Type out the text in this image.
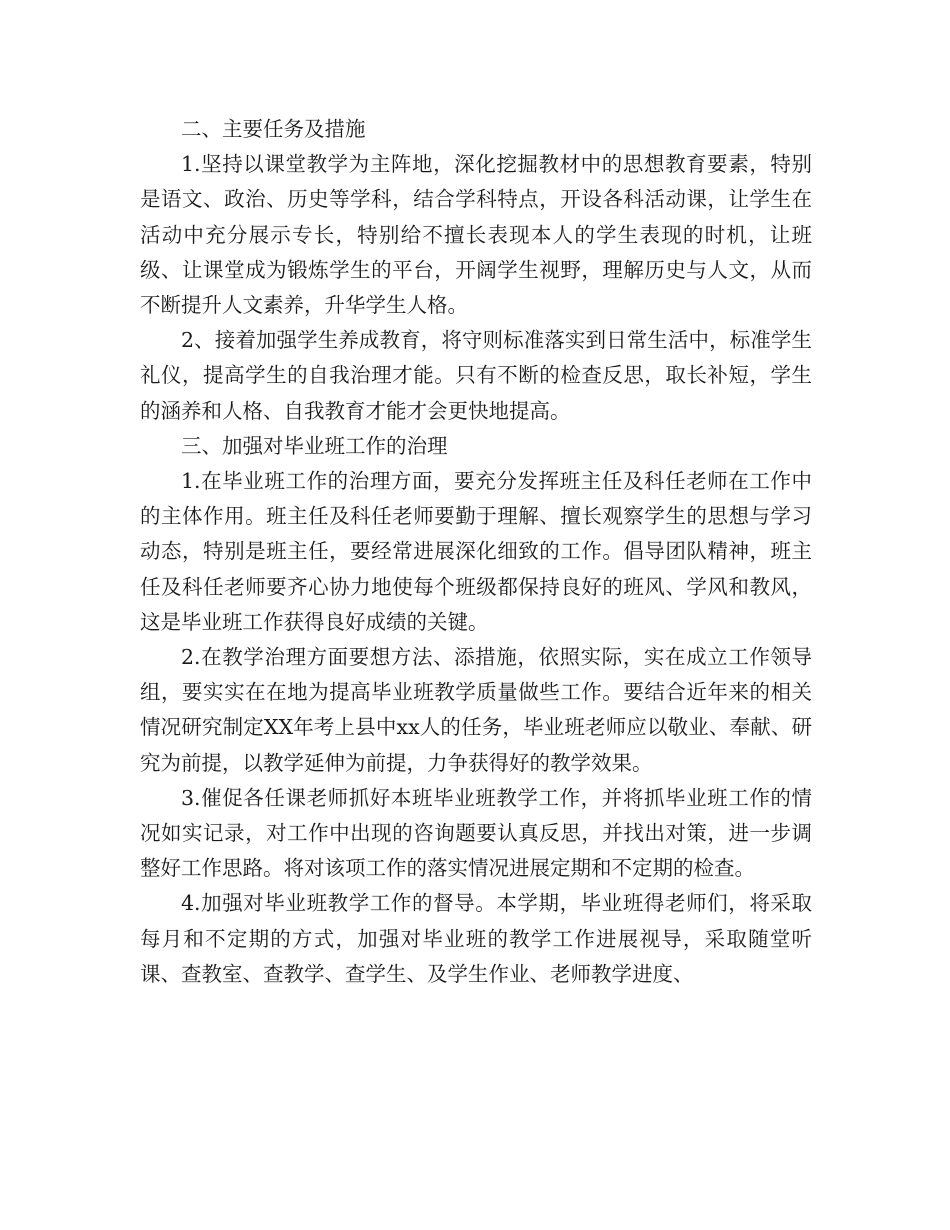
二、主要任务及措施

1.坚持以课堂教学为主阵地，深化挖掘教材中的思想教育要素，特别是语文、政治、历史等学科，结合学科特点，开设各科活动课，让学生在活动中充分展示专长，特别给不擅长表现本人的学生表现的时机，让班级、让课堂成为锻炼学生的平台，开阔学生视野，理解历史与人文，从而不断提升人文素养，升华学生人格。

2、接着加强学生养成教育，将守则标准落实到日常生活中，标准学生礼仪，提高学生的自我治理才能。只有不断的检查反思，取长补短，学生的涵养和人格、自我教育才能才会更快地提高。

三、加强对毕业班工作的治理

1.在毕业班工作的治理方面，要充分发挥班主任及科任老师在工作中的主体作用。班主任及科任老师要勤于理解、擅长观察学生的思想与学习动态，特别是班主任，要经常进展深化细致的工作。倡导团队精神，班主任及科任老师要齐心协力地使每个班级都保持良好的班风、学风和教风，这是毕业班工作获得良好成绩的关键。

2.在教学治理方面要想方法、添措施，依照实际，实在成立工作领导组，要实实在在地为提高毕业班教学质量做些工作。要结合近年来的相关情况研究制定XX年考上县中xx人的任务，毕业班老师应以敬业、奉献、研究为前提，以教学延伸为前提，力争获得好的教学效果。

3.催促各任课老师抓好本班毕业班教学工作，并将抓毕业班工作的情况如实记录，对工作中出现的咨询题要认真反思，并找出对策，进一步调整好工作思路。将对该项工作的落实情况进展定期和不定期的检查。

4.加强对毕业班教学工作的督导。本学期，毕业班得老师们，将采取每月和不定期的方式，加强对毕业班的教学工作进展视导，采取随堂听课、查教室、查教学、查学生、及学生作业、老师教学进度、
